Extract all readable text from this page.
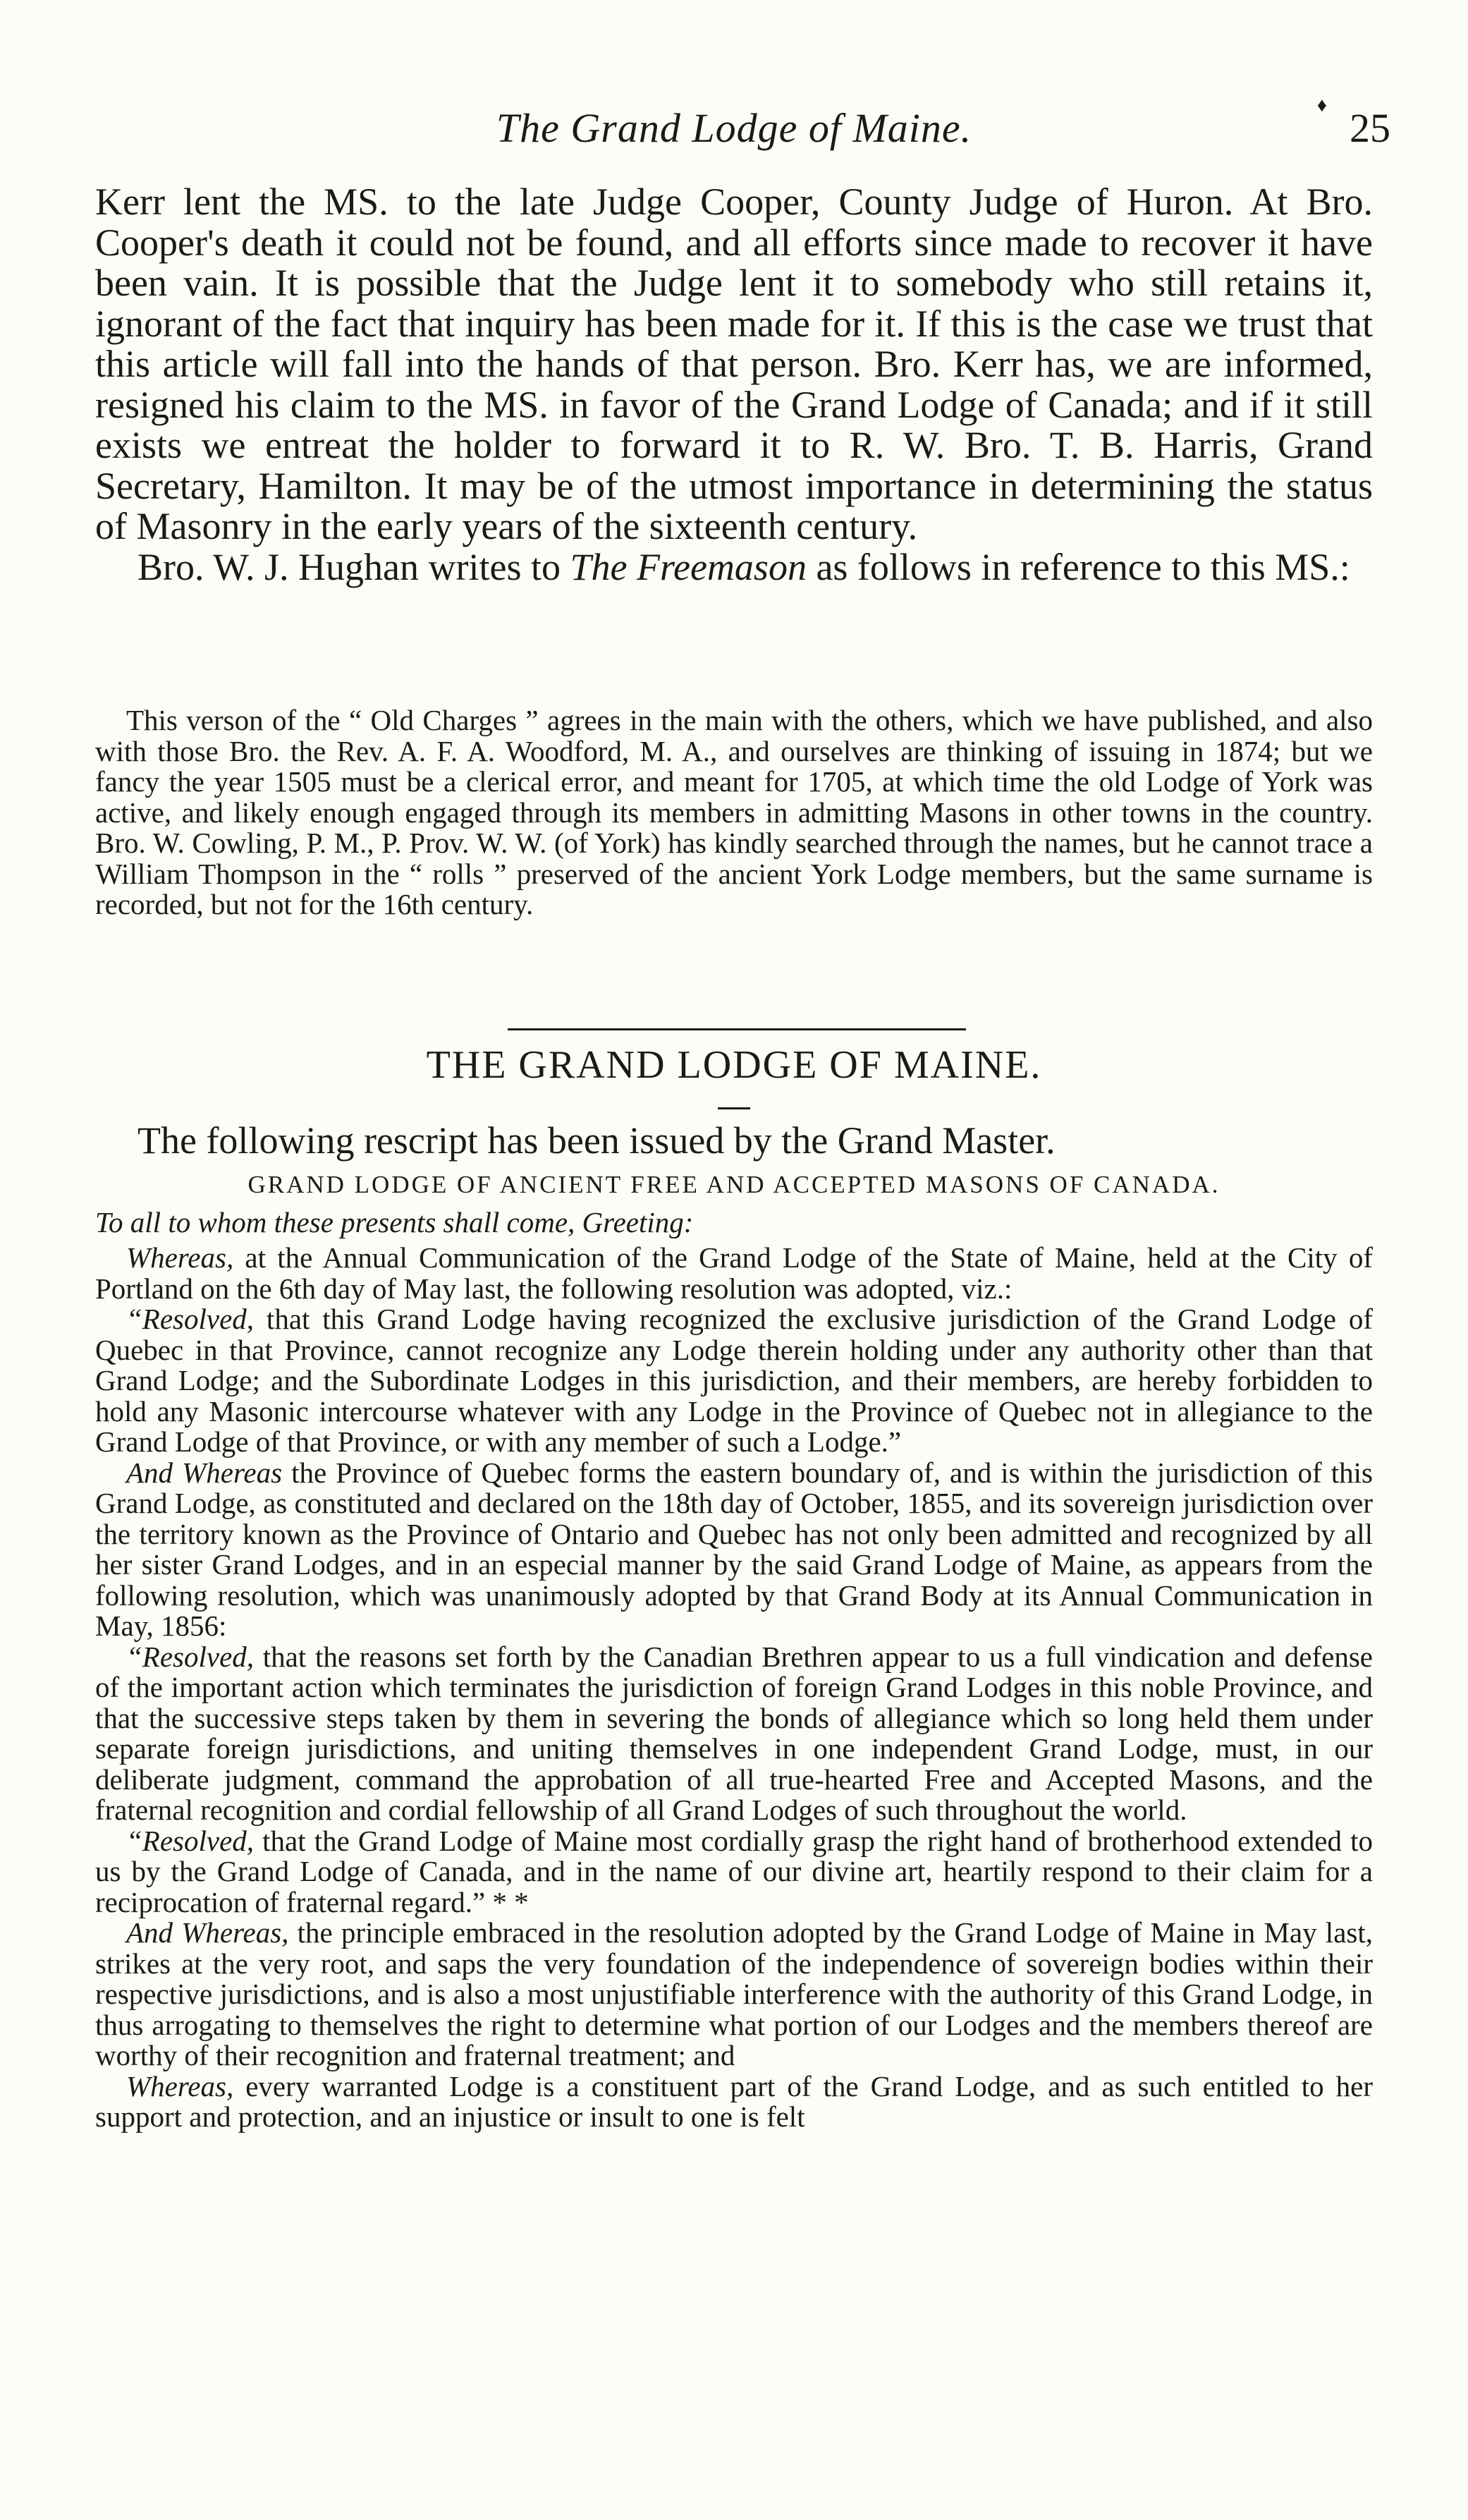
The Grand Lodge of Maine.	♦ 25

Kerr lent the MS. to the late Judge Cooper, County Judge of Huron. At Bro. Cooper's death it could not be found, and all efforts since made to recover it have been vain. It is possible that the Judge lent it to somebody who still retains it, ignorant of the fact that inquiry has been made for it. If this is the case we trust that this article will fall into the hands of that person. Bro. Kerr has, we are informed, resigned his claim to the MS. in favor of the Grand Lodge of Canada; and if it still exists we entreat the holder to forward it to R. W. Bro. T. B. Harris, Grand Secretary, Hamilton. It may be of the utmost importance in determining the status of Masonry in the early years of the sixteenth century.

Bro. W. J. Hughan writes to The Freemason as follows in reference to this MS.:

This verson of the “ Old Charges ” agrees in the main with the others, which we have published, and also with those Bro. the Rev. A. F. A. Woodford, M. A., and ourselves are thinking of issuing in 1874; but we fancy the year 1505 must be a clerical error, and meant for 1705, at which time the old Lodge of York was active, and likely enough engaged through its members in admitting Masons in other towns in the country. Bro. W. Cowling, P. M., P. Prov. W. W. (of York) has kindly searched through the names, but he cannot trace a William Thompson in the “ rolls ” preserved of the ancient York Lodge members, but the same surname is recorded, but not for the 16th century.

THE GRAND LODGE OF MAINE.
The following rescript has been issued by the Grand Master.
GRAND LODGE OF ANCIENT FREE AND ACCEPTED MASONS OF CANADA.
To all to whom these presents shall come, Greeting:

Whereas, at the Annual Communication of the Grand Lodge of the State of Maine, held at the City of Portland on the 6th day of May last, the following resolution was adopted, viz.:

“Resolved, that this Grand Lodge having recognized the exclusive jurisdiction of the Grand Lodge of Quebec in that Province, cannot recognize any Lodge therein holding under any authority other than that Grand Lodge; and the Subordinate Lodges in this jurisdiction, and their members, are hereby forbidden to hold any Masonic intercourse whatever with any Lodge in the Province of Quebec not in allegiance to the Grand Lodge of that Province, or with any member of such a Lodge.”

And Whereas the Province of Quebec forms the eastern boundary of, and is within the jurisdiction of this Grand Lodge, as constituted and declared on the 18th day of October, 1855, and its sovereign jurisdiction over the territory known as the Province of Ontario and Quebec has not only been admitted and recognized by all her sister Grand Lodges, and in an especial manner by the said Grand Lodge of Maine, as appears from the following resolution, which was unanimously adopted by that Grand Body at its Annual Communication in May, 1856:

“Resolved, that the reasons set forth by the Canadian Brethren appear to us a full vindication and defense of the important action which terminates the jurisdiction of foreign Grand Lodges in this noble Province, and that the successive steps taken by them in severing the bonds of allegiance which so long held them under separate foreign jurisdictions, and uniting themselves in one independent Grand Lodge, must, in our deliberate judgment, command the approbation of all true-hearted Free and Accepted Masons, and the fraternal recognition and cordial fellowship of all Grand Lodges of such throughout the world.

“Resolved, that the Grand Lodge of Maine most cordially grasp the right hand of brotherhood extended to us by the Grand Lodge of Canada, and in the name of our divine art, heartily respond to their claim for a reciprocation of fraternal regard.” * *

And Whereas, the principle embraced in the resolution adopted by the Grand Lodge of Maine in May last, strikes at the very root, and saps the very foundation of the independence of sovereign bodies within their respective jurisdictions, and is also a most unjustifiable interference with the authority of this Grand Lodge, in thus arrogating to themselves the right to determine what portion of our Lodges and the members thereof are worthy of their recognition and fraternal treatment; and

Whereas, every warranted Lodge is a constituent part of the Grand Lodge, and as such entitled to her support and protection, and an injustice or insult to one is felt
